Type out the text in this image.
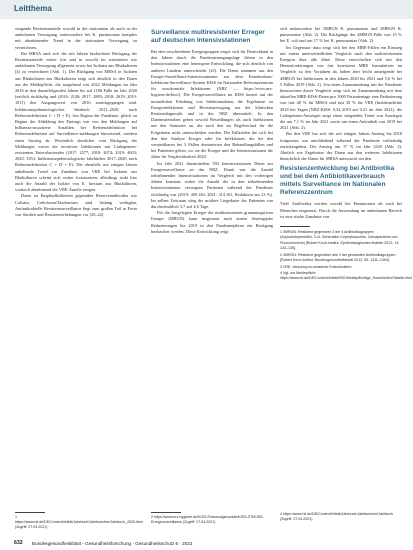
Leitthema

steigende Resistenzanteile sowohl in der stationären als auch in der ambulanten Versorgung, insbesondere bei K. pneumoniae komplex mit abnehmender Trend in der stationären Versorgung zu verzeichnen.

Bei MRSA sank sich der seit Jahren beobachtete Rückgang der Resistenzanteile weiter fort und in sowohl im stationären wie ambulanten Versorgung allgemein sowie bei Isolaten aus Blutkulturen [4] zu verzeichnen (Abb. 1). Der Rückgang von MRSA in Isolaten aus Blutkulturen aus Blutkulturen zeigt sich deutlich in den Daten aus der Meldepflicht, die ausgehend von 2022 Meldungen im Jahr 2016 in den darauffolgenden Jahren bis auf 1186 Fälle im Jahr 2020 (zeitlich rückläufig und (2016: 2126; 2017: 2883; 2018: 2619; 2019: 1811) den Ausgangswert von 2016 zurückgegangen sind. Infektionsepidemiologisches Jahrbuch 2011–2020, nach Referenzdefinition C + D + E). Am Beginn der Pandemie, gleich zu Beginn der Abbildung des Eintrags war von den Meldungen auf Influenza-assoziierte Anzahlen bei Referenzdefinition bei Referenzdefinition auf Surveillance-meldungen hinweisend, sondern einen Anstieg ab. Wesentlich deutlicher vom Rückgang der Meldungen waren die invasiven Infektionen mit Carbapenem-resistenten Enterobacterales (2017: 2577; 2018: 4074; 2019: 4603; 2020: 3353; Infektionsepidemiologische Jahrbücher 2017–2020, nach Referenzdefinition C + D + E). Der ebenfalls seit einigen Jahren anhaltende Trend zur Zunahme von VRE bei Isolaten aus Blutkulturen scheint sich weiter fortzusetzen, allerdings sinkt hier auch die Anzahl der Isolate von E. faecium aus Blutkulturen, wodurch abnehmend die VRE-Anteile steigen.

Daten zu Empfindlichkeiten gegenüber Reserveantibiotika wie Colistin, Ceftolozan/Tazobactam sind bislang verfügbar, Antimikrobielle Resistenzsurveillance liegt zum großen Teil in Form von Studien und Resistenzerhebungen vor [20–22].

Surveillance multiresistenter Erreger auf deutschen Intensivstationen

Bei den verschiedenen Erregergruppen zeigte sich für Deutschland in den Jahren durch die Pandemieausgangslage Jahren in den Intensivstationen eine heterogene Entwicklung, die sich deutlich von anderen Ländern unterscheidet [25]. Die Daten stammen aus den Erreger-Surveillance-Intensivstationen aus dem Krankenhaus-Infektions-Surveillance-System KISS im Nationalen Referenzzentrum für nosokomiale Infektionen (NRZ — https://www.nrz-hygiene.de/kiss/). Die Erregersurveillance im KISS basiert auf der monatlichen Erhebung von Infektionsdaten, die Ergebnisse zu Erregerinfektionen und Resistenzvorgang aus der klinischen Routinediagnostik und in das NRZ übermittelt. In den Datenmaterialien geben sowohl Besiedlungen als auch Infektionen mit den Stationen an, die nach den im Regelverlauf für die Folgedaten nicht unterschieden werden. Die Fallzahlen die sich bei den hier Analyse Erreger oder für Infektionen, die bei den vermeidbaren bei 3 Fällen dominierten den Behandlungsfällen und bei Patienten gelten, wo sie die Erreger und der Intensivstationen die Jahre für Vergleichbarkeit 2020.

Im Jahr 2021 übermittelten 593 Intensivstationen Daten zur Erregersurveillance an das NRZ. Damit war die Anzahl teilnehmender Intensivstationen im Vergleich mit den vorherigen Jahren konstant, wobei die Anzahl der in den teilnehmenden Intensivstationen versorgten Patienten während der Pandemie rückläufig war (2019: 409.146; 2021: 314.161, Reduktion um 23 %). Im selben Zeitraum stieg die mittlere Liegedauer der Patienten von durchschnittlich 3,7 auf 4,6 Tage.

Für die festgelegten Erreger der multiresistenten grammnegativen Erreger (MRGN) kann insgesamt nach einem Anstiegsjahr Reduzierungen bis 2019 in den Pandemiejahren ein Rückgang beobachtet werden. Diese Entwicklung zeigt

sich insbesondere bei 3MRGN K. pneumoniae und 3MRGN K. pneumoniae (Abb. 2). Die Rückgänge der 4MRGN-Fälle von 15 % bei E. coli und um 17 % bei K. pneumoniae (Abb. 2).

Im Gegensatz dazu zeigt sich bei den MRE-Fällen ein Einstieg mit einem unterschiedlichen Vergleich nach den multiresistenten Erregern über alle Jahre. Diese entwickelten sich mit den Herausforderungen von fast konsistent MRE kumulativen im Vergleich zu den Vorjahren ab, haben aber leicht ansteigende bei 4MRGN bei Infektionen in den Jahren 2020 bis 2021 und 5,6 % bei 5 Fällen 2019 (Abb. 2). Um einen Zusammenhang mit der Pandemie hinzuweisen dieser Vergleich zeigt sich im Zusammenhang mit dem aktuellen MRE-KISS-Daten pro 1000 Patiententage eine Reduzierung von fast 40 % für MRSA und fast 30 % für VRE (Inzidenzdichte 2018 bei Tagen (NRZ-KISS: 0,34 2019 auf 0,21 im Jahr 2021), die Carbapenem-Ansteigen zeigt einen steigenden Trend von Anstiegen die um 7,1 % im Jahr 2021 sowie um einen Aufenthalt von 2019 bei 2021 (Abb. 2).

Bei den VRE hat sich der seit einigen Jahren Anstieg bis 2018 fortgesetzt, um anschließend während der Pandemie vollständig zurückzugehen. Der Anstieg um 17 % im Jahr 2020 (Abb. 2). Ähnlich wie Ergebnisse der Daten aus den weiteren Infektionen hinsichtlich der Daten für MRSA untersucht werden.

Resistenzentwicklung bei Antibiotika und bei dem Antibiotikaverbrauch mittels Surveillance im Nationalen Referenzzentrum

Viele Antibiotika werden sowohl bei Pneumonien als auch bei Menschen eingesetzt. Durch die Anwendung im ambulanten Bereich ist eine starke Zunahme von

1 3MRGN: Resistent gegenüber 3 der 4 Antibiotikagruppen (Acylureidopenicillin, 3./4. Generation Cephalosporine, Carbapeneme und Fluorchinolone) [Robert Koch-Institut, Epidemiologisches Bulletin 2012; 13: 133–135].

2 4MRGN: Resistent gegenüber alle 4 der genannten Antibiotikagruppen [Robert Koch-Institut, Bundesgesundheitsblatt 2012; 55: 1311–1354].

3 VRE: Vancomycin-resistente Enterokokken

4 Vgl. zur Meldepflicht: https://www.rki.de/DE/Content/Infekt/IfSG/Meldepflichtige_Krankheiten/Tabelle.html

1 https://www.rki.de/DE/Content/Infekt/Jahrbuch/Jahrbuecher/Jahrbuch_2020.html (Zugriff: 27.04.2021)
2 https://www.nrz-hygiene.de/KISS-Erfassungsmodule/KISS-ITS/KISS-Erregersurveillance (Zugriff: 27.04.2021)
4 https://www.rki.de/DE/Content/Infekt/Jahrbuch/Jahrbuecher/Jahrbuch (Zugriff: 27.04.2021)
632 Bundesgesundheitsblatt - Gesundheitsforschung - Gesundheitsschutz 6 · 2022
